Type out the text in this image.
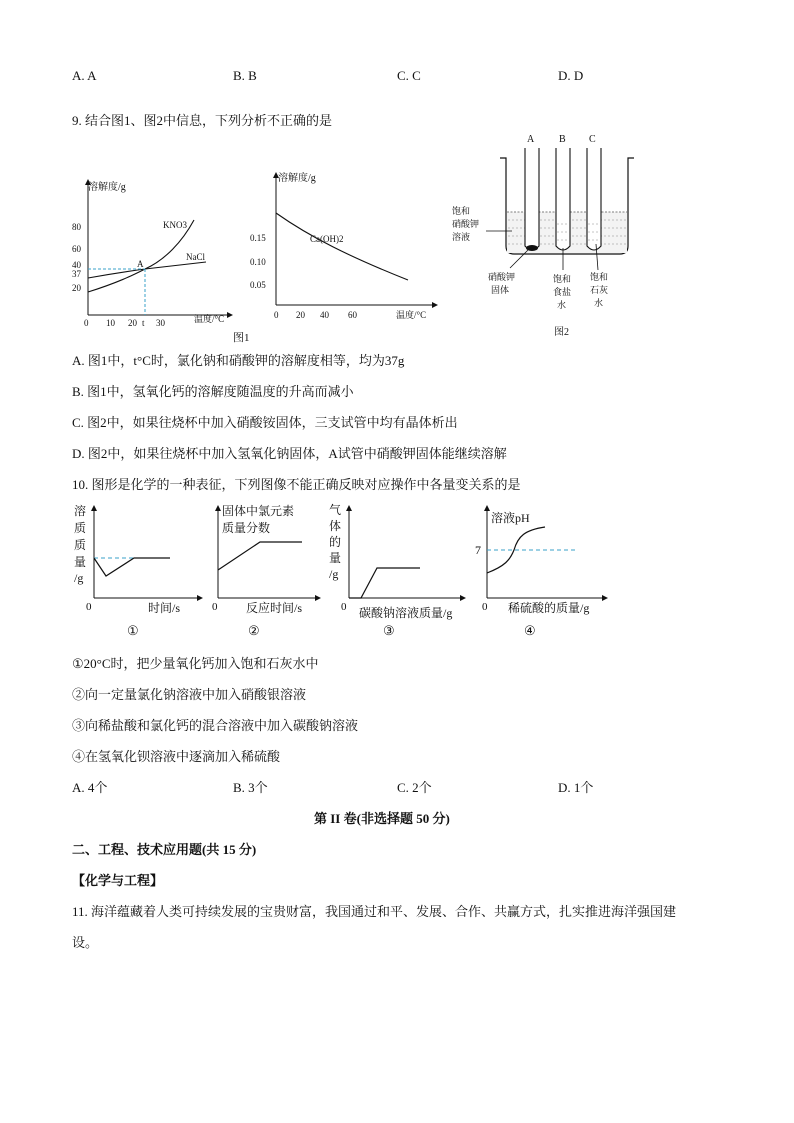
A. A	B. B	C. C	D. D
9. 结合图1、图2中信息，下列分析不正确的是
溶解度/g
80
60
40
37
20
0 10 20 t 30	温度/°C
KNO3
NaCl
A
溶解度/g
0.15
0.10
0.05
0 20 40 60	温度/°C
Ca(OH)2
图1
A B C
饱和
硝酸钾
溶液
硝酸钾
固体
饱和
食盐
水
饱和
石灰
水
图2
A. 图1中，t°C时，氯化钠和硝酸钾的溶解度相等，均为37g
B. 图1中，氢氧化钙的溶解度随温度的升高而减小
C. 图2中，如果往烧杯中加入硝酸铵固体，三支试管中均有晶体析出
D. 图2中，如果往烧杯中加入氢氧化钠固体，A试管中硝酸钾固体能继续溶解
10. 图形是化学的一种表征，下列图像不能正确反映对应操作中各量变关系的是
溶
质
质
量
/g
0	时间/s
①
固体中氯元素
质量分数
0 反应时间/s
②
气
体
的
量
/g
0 碳酸钠溶液质量/g
③
溶液pH
7
0 稀硫酸的质量/g
④
①20°C时，把少量氧化钙加入饱和石灰水中
②向一定量氯化钠溶液中加入硝酸银溶液
③向稀盐酸和氯化钙的混合溶液中加入碳酸钠溶液
④在氢氧化钡溶液中逐滴加入稀硫酸
A. 4个	B. 3个	C. 2个	D. 1个
第 II 卷(非选择题 50 分)
二、工程、技术应用题(共 15 分)
【化学与工程】
11. 海洋蕴藏着人类可持续发展的宝贵财富，我国通过和平、发展、合作、共赢方式，扎实推进海洋强国建
设。
